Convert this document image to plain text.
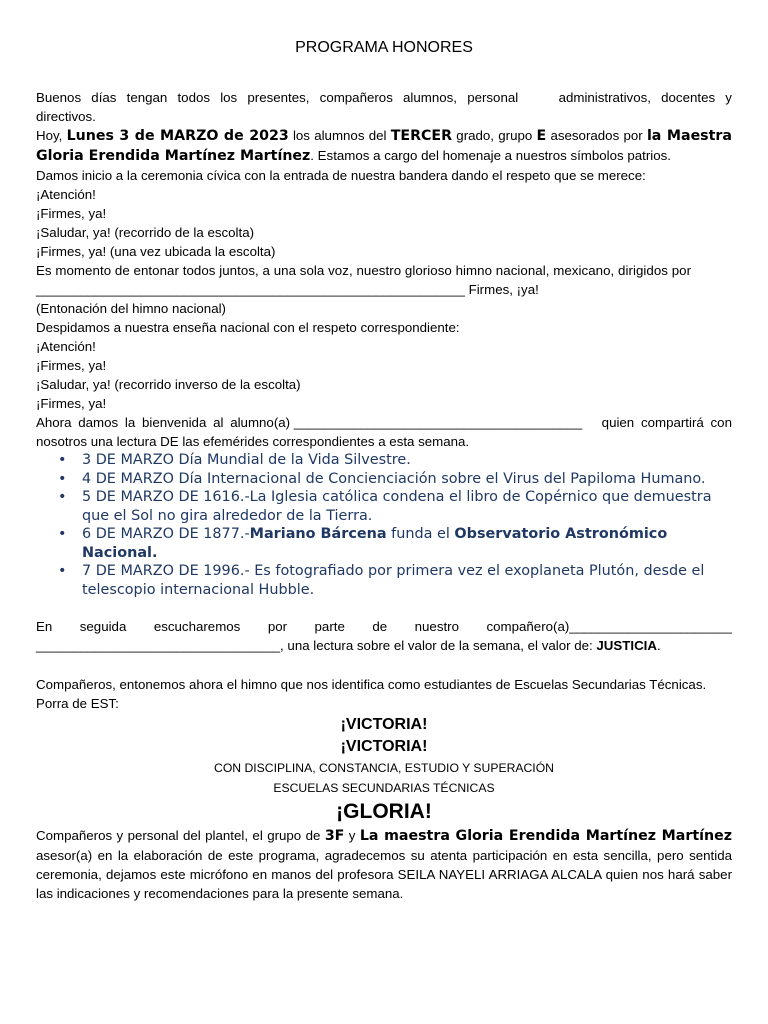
PROGRAMA HONORES
Buenos días tengan todos los presentes, compañeros alumnos, personal	administrativos, docentes y

directivos.

Hoy, Lunes 3 de MARZO de 2023 los alumnos del TERCER grado, grupo E asesorados por la Maestra Gloria Erendida Martínez Martínez. Estamos a cargo del homenaje a nuestros símbolos patrios.

Damos inicio a la ceremonia cívica con la entrada de nuestra bandera dando el respeto que se merece:

¡Atención!

¡Firmes, ya!

¡Saludar, ya! (recorrido de la escolta)

¡Firmes, ya! (una vez ubicada la escolta)

Es momento de entonar todos juntos, a una sola voz, nuestro glorioso himno nacional, mexicano, dirigidos por

__________________________________________________________ Firmes, ¡ya!

(Entonación del himno nacional)

Despidamos a nuestra enseña nacional con el respeto correspondiente:

¡Atención!

¡Firmes, ya!

¡Saludar, ya! (recorrido inverso de la escolta)

¡Firmes, ya!

Ahora damos la bienvenida al alumno(a) _______________________________________ quien compartirá con

nosotros una lectura DE las efemérides correspondientes a esta semana.

• 3 DE MARZO Día Mundial de la Vida Silvestre.
• 4 DE MARZO Día Internacional de Concienciación sobre el Virus del Papiloma Humano.
• 5 DE MARZO DE 1616.-La Iglesia católica condena el libro de Copérnico que demuestra que el Sol no gira alrededor de la Tierra.
• 6 DE MARZO DE 1877.-Mariano Bárcena funda el Observatorio Astronómico Nacional.
• 7 DE MARZO DE 1996.- Es fotografiado por primera vez el exoplaneta Plutón, desde el telescopio internacional Hubble.
En seguida escucharemos por parte de nuestro compañero(a)______________________

_________________________________, una lectura sobre el valor de la semana, el valor de: JUSTICIA.

Compañeros, entonemos ahora el himno que nos identifica como estudiantes de Escuelas Secundarias Técnicas.

Porra de EST:

¡VICTORIA!
¡VICTORIA!
CON DISCIPLINA, CONSTANCIA, ESTUDIO Y SUPERACIÓN
ESCUELAS SECUNDARIAS TÉCNICAS
¡GLORIA!

Compañeros y personal del plantel, el grupo de 3F y La maestra Gloria Erendida Martínez Martínez asesor(a) en la elaboración de este programa, agradecemos su atenta participación en esta sencilla, pero sentida ceremonia, dejamos este micrófono en manos del profesora SEILA NAYELI ARRIAGA ALCALA quien nos hará saber las indicaciones y recomendaciones para la presente semana.
